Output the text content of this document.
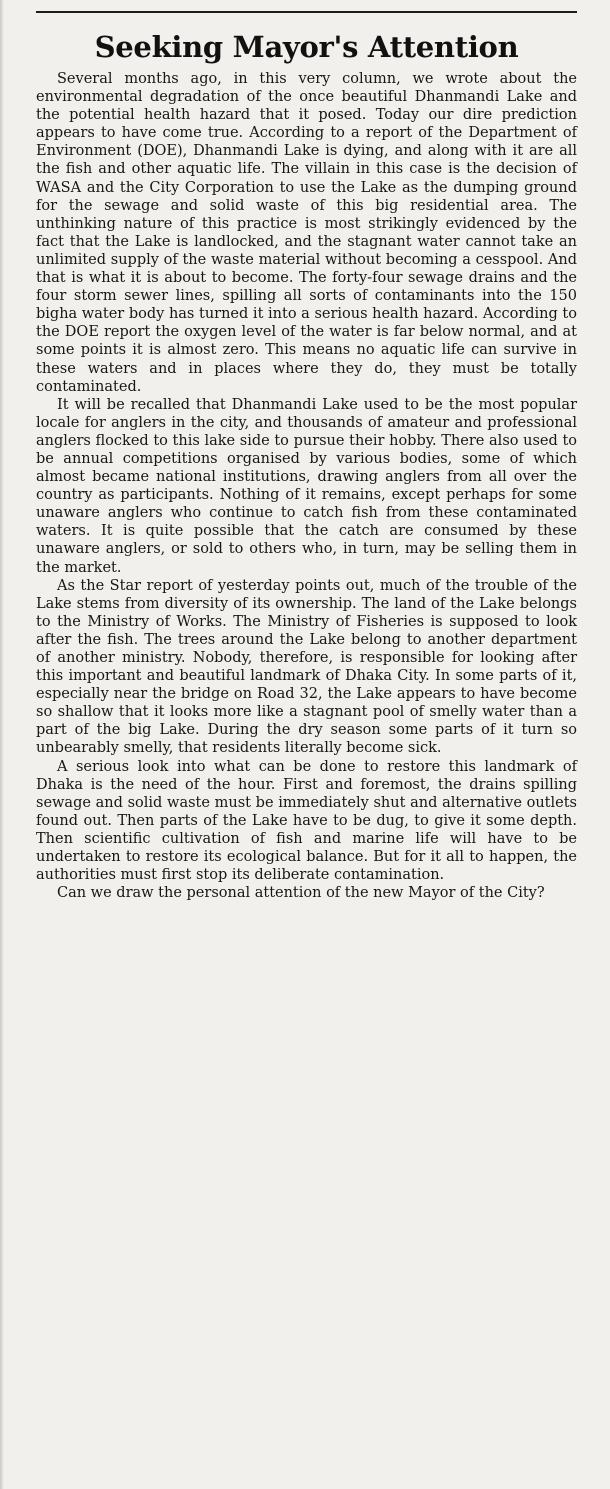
Seeking Mayor's Attention

Several months ago, in this very column, we wrote about the environmental degradation of the once beautiful Dhanmandi Lake and the potential health hazard that it posed. Today our dire prediction appears to have come true. According to a report of the Department of Environment (DOE), Dhanmandi Lake is dying, and along with it are all the fish and other aquatic life. The villain in this case is the decision of WASA and the City Corporation to use the Lake as the dumping ground for the sewage and solid waste of this big residential area. The unthinking nature of this practice is most strikingly evidenced by the fact that the Lake is landlocked, and the stagnant water cannot take an unlimited supply of the waste material without becoming a cesspool. And that is what it is about to become. The forty-four sewage drains and the four storm sewer lines, spilling all sorts of contaminants into the 150 bigha water body has turned it into a serious health hazard. According to the DOE report the oxygen level of the water is far below normal, and at some points it is almost zero. This means no aquatic life can survive in these waters and in places where they do, they must be totally contaminated.

It will be recalled that Dhanmandi Lake used to be the most popular locale for anglers in the city, and thousands of amateur and professional anglers flocked to this lake side to pursue their hobby. There also used to be annual competitions organised by various bodies, some of which almost became national institutions, drawing anglers from all over the country as participants. Nothing of it remains, except perhaps for some unaware anglers who continue to catch fish from these contaminated waters. It is quite possible that the catch are consumed by these unaware anglers, or sold to others who, in turn, may be selling them in the market.

As the Star report of yesterday points out, much of the trouble of the Lake stems from diversity of its ownership. The land of the Lake belongs to the Ministry of Works. The Ministry of Fisheries is supposed to look after the fish. The trees around the Lake belong to another department of another ministry. Nobody, therefore, is responsible for looking after this important and beautiful landmark of Dhaka City. In some parts of it, especially near the bridge on Road 32, the Lake appears to have become so shallow that it looks more like a stagnant pool of smelly water than a part of the big Lake. During the dry season some parts of it turn so unbearably smelly, that residents literally become sick.

A serious look into what can be done to restore this landmark of Dhaka is the need of the hour. First and foremost, the drains spilling sewage and solid waste must be immediately shut and alternative outlets found out. Then parts of the Lake have to be dug, to give it some depth. Then scientific cultivation of fish and marine life will have to be undertaken to restore its ecological balance. But for it all to happen, the authorities must first stop its deliberate contamination.

Can we draw the personal attention of the new Mayor of the City?
